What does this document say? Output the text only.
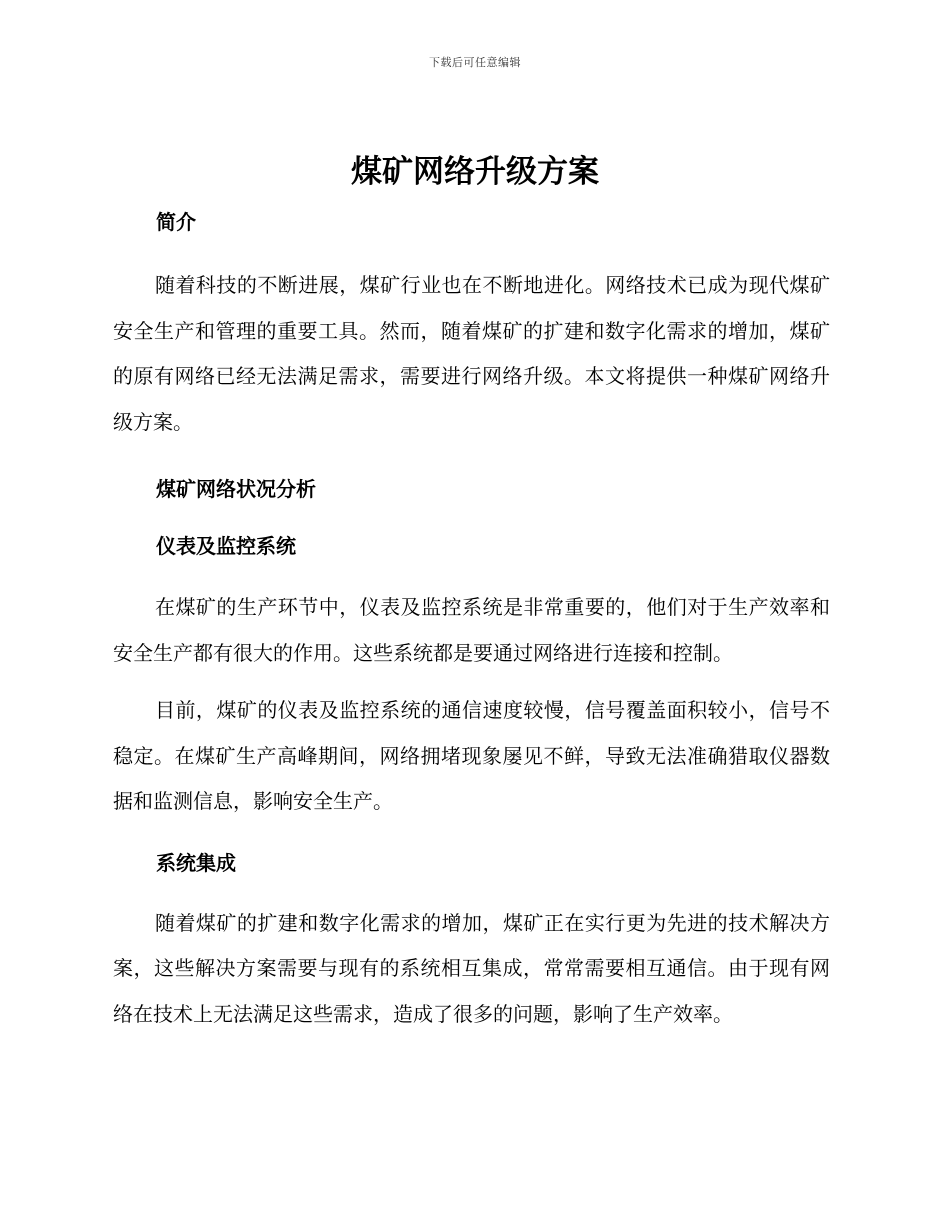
下载后可任意编辑
煤矿网络升级方案
简介

随着科技的不断进展，煤矿行业也在不断地进化。网络技术已成为现代煤矿安全生产和管理的重要工具。然而，随着煤矿的扩建和数字化需求的增加，煤矿的原有网络已经无法满足需求，需要进行网络升级。本文将提供一种煤矿网络升级方案。

煤矿网络状况分析
仪表及监控系统

在煤矿的生产环节中，仪表及监控系统是非常重要的，他们对于生产效率和安全生产都有很大的作用。这些系统都是要通过网络进行连接和控制。

目前，煤矿的仪表及监控系统的通信速度较慢，信号覆盖面积较小，信号不稳定。在煤矿生产高峰期间，网络拥堵现象屡见不鲜，导致无法准确猎取仪器数据和监测信息，影响安全生产。

系统集成

随着煤矿的扩建和数字化需求的增加，煤矿正在实行更为先进的技术解决方案，这些解决方案需要与现有的系统相互集成，常常需要相互通信。由于现有网络在技术上无法满足这些需求，造成了很多的问题，影响了生产效率。
